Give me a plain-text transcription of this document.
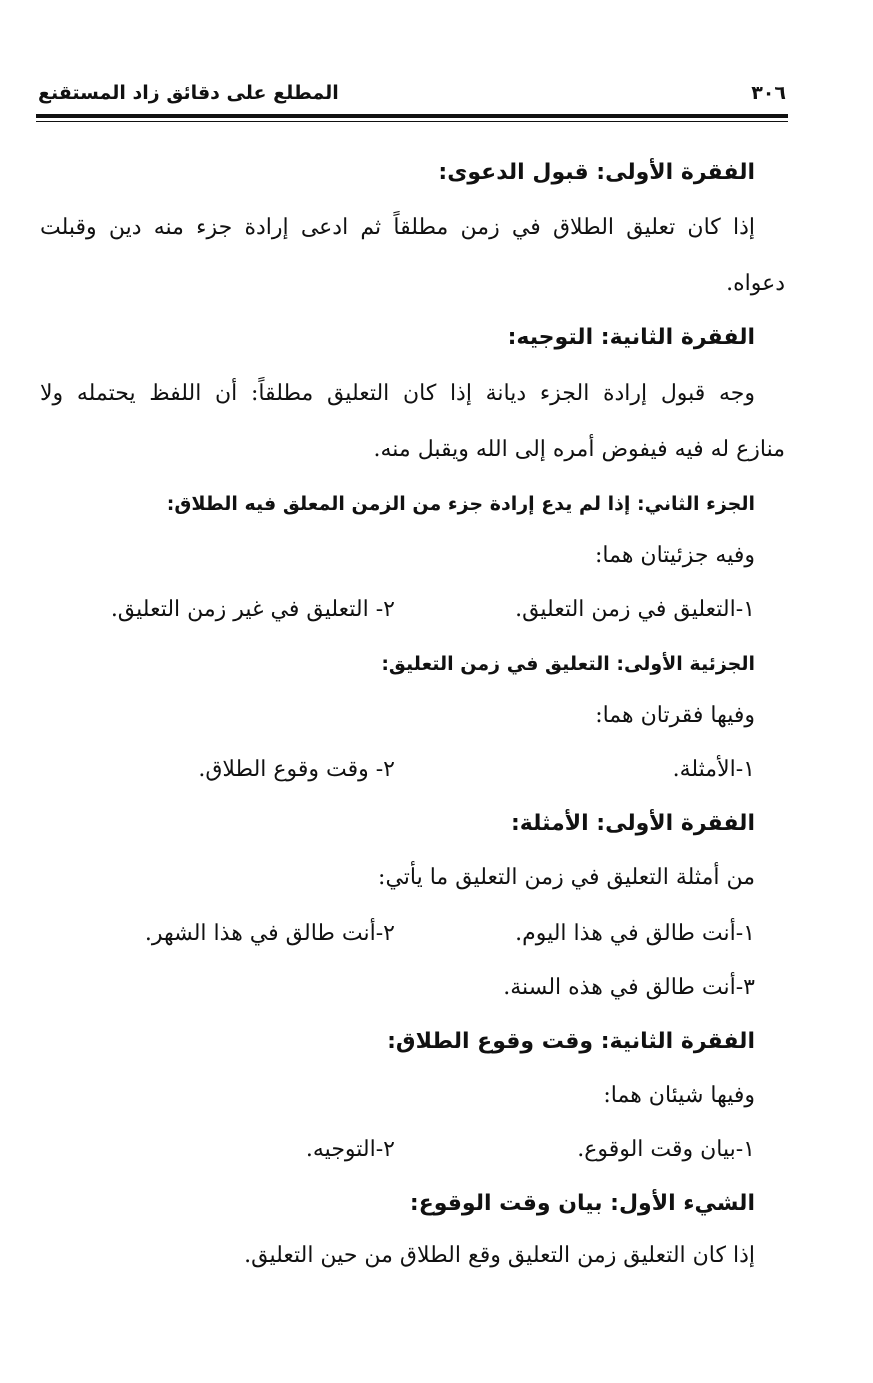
٣٠٦
المطلع على دقائق زاد المستقنع
الفقرة الأولى: قبول الدعوى:
إذا كان تعليق الطلاق في زمن مطلقاً ثم ادعى إرادة جزء منه دين وقبلت
دعواه.
الفقرة الثانية: التوجيه:
وجه قبول إرادة الجزء ديانة إذا كان التعليق مطلقاً: أن اللفظ يحتمله ولا
منازع له فيه فيفوض أمره إلى الله ويقبل منه.
الجزء الثاني: إذا لم يدع إرادة جزء من الزمن المعلق فيه الطلاق:
وفيه جزئيتان هما:
١-التعليق في زمن التعليق.
٢- التعليق في غير زمن التعليق.
الجزئية الأولى: التعليق في زمن التعليق:
وفيها فقرتان هما:
١-الأمثلة.
٢- وقت وقوع الطلاق.
الفقرة الأولى: الأمثلة:
من أمثلة التعليق في زمن التعليق ما يأتي:
١-أنت طالق في هذا اليوم.
٢-أنت طالق في هذا الشهر.
٣-أنت طالق في هذه السنة.
الفقرة الثانية: وقت وقوع الطلاق:
وفيها شيئان هما:
١-بيان وقت الوقوع.
٢-التوجيه.
الشيء الأول: بيان وقت الوقوع:
إذا كان التعليق زمن التعليق وقع الطلاق من حين التعليق.
